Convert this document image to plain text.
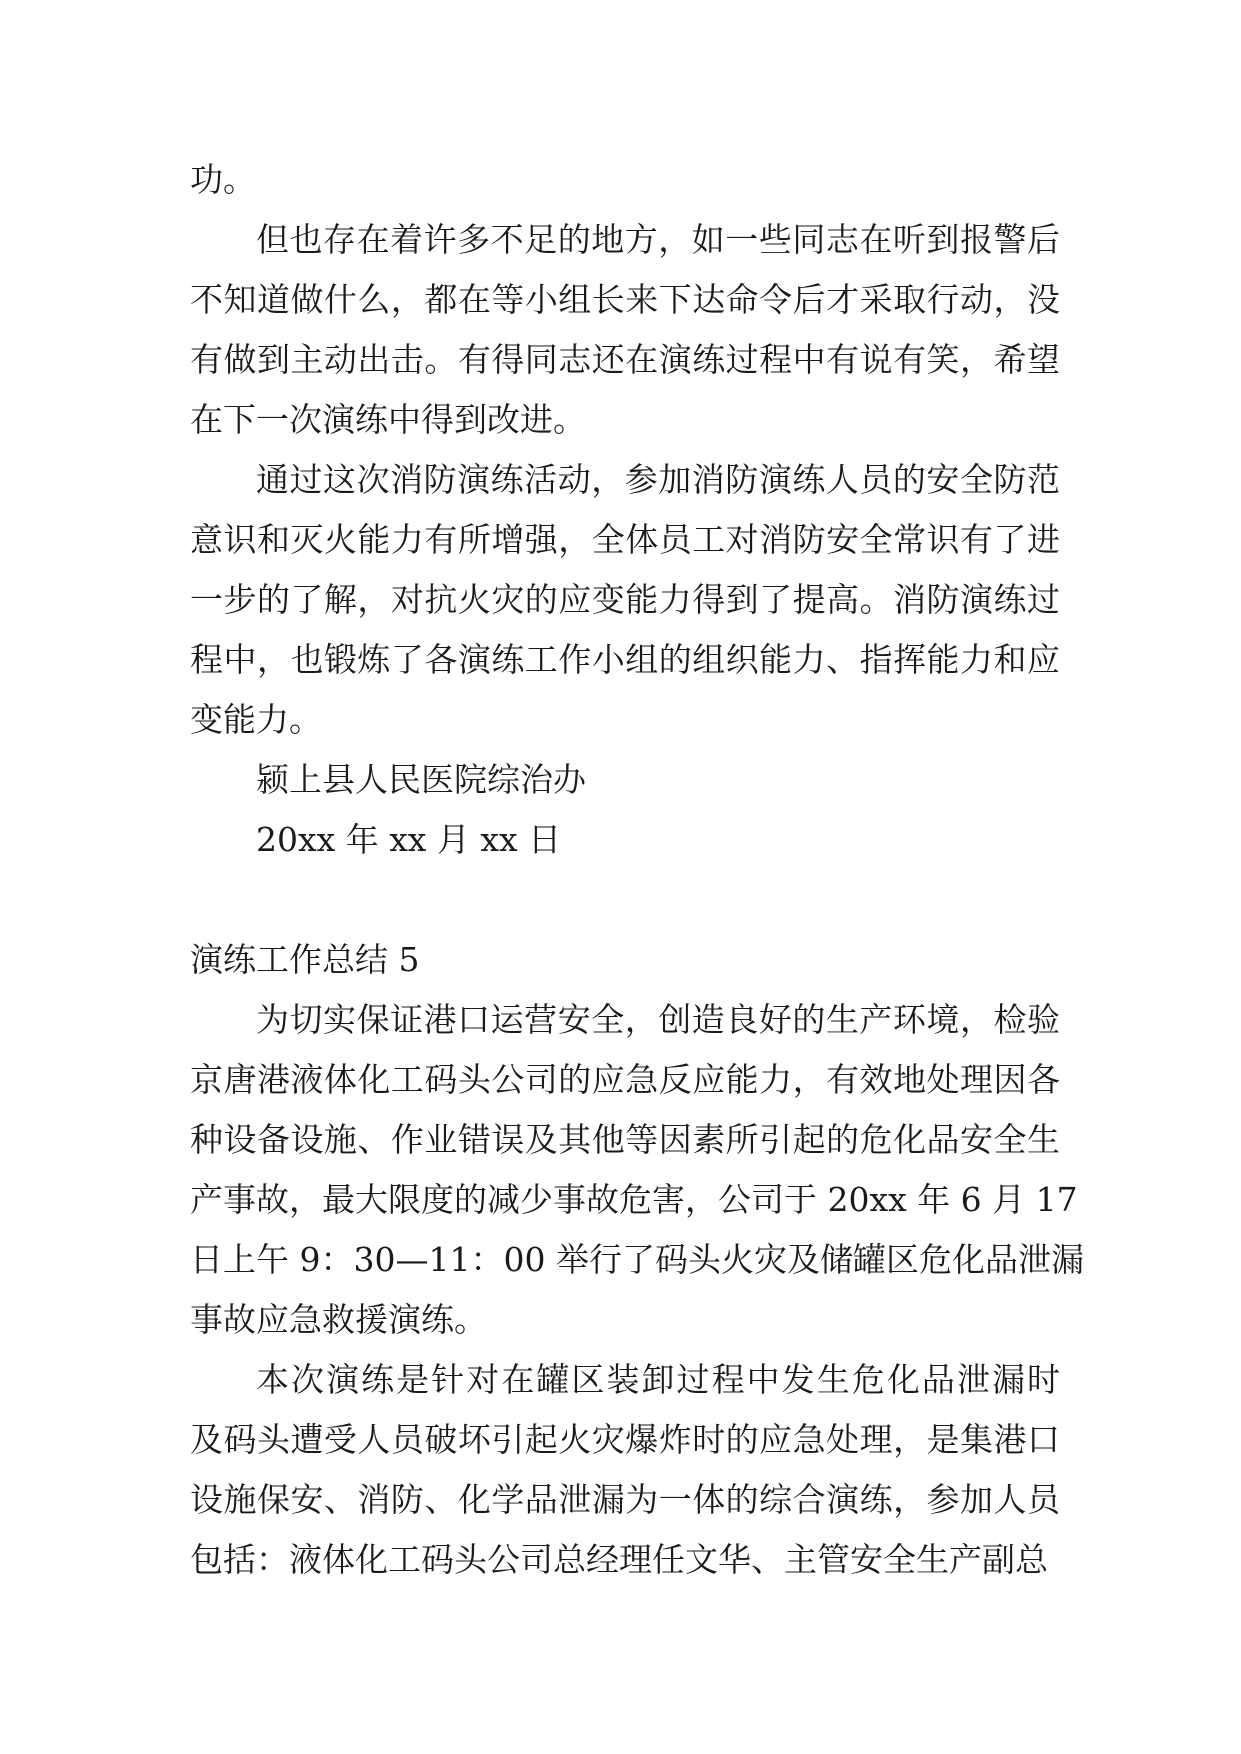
功。
但也存在着许多不足的地方，如一些同志在听到报警后
不知道做什么，都在等小组长来下达命令后才采取行动，没
有做到主动出击。有得同志还在演练过程中有说有笑，希望
在下一次演练中得到改进。
通过这次消防演练活动，参加消防演练人员的安全防范
意识和灭火能力有所增强，全体员工对消防安全常识有了进
一步的了解，对抗火灾的应变能力得到了提高。消防演练过
程中，也锻炼了各演练工作小组的组织能力、指挥能力和应
变能力。
颍上县人民医院综治办
20xx 年 xx 月 xx 日
演练工作总结 5
为切实保证港口运营安全，创造良好的生产环境，检验
京唐港液体化工码头公司的应急反应能力，有效地处理因各
种设备设施、作业错误及其他等因素所引起的危化品安全生
产事故，最大限度的减少事故危害，公司于 20xx 年 6 月 17
日上午 9：30—11：00 举行了码头火灾及储罐区危化品泄漏
事故应急救援演练。
本次演练是针对在罐区装卸过程中发生危化品泄漏时
及码头遭受人员破坏引起火灾爆炸时的应急处理，是集港口
设施保安、消防、化学品泄漏为一体的综合演练，参加人员
包括：液体化工码头公司总经理任文华、主管安全生产副总
